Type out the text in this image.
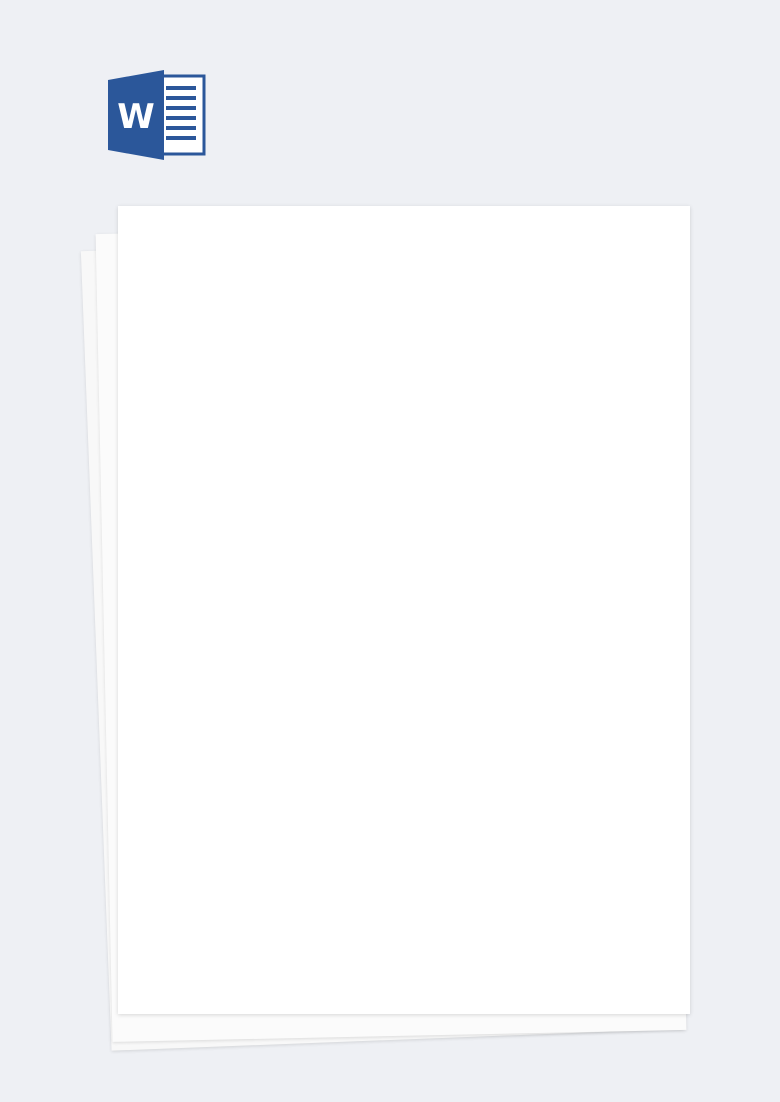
W
